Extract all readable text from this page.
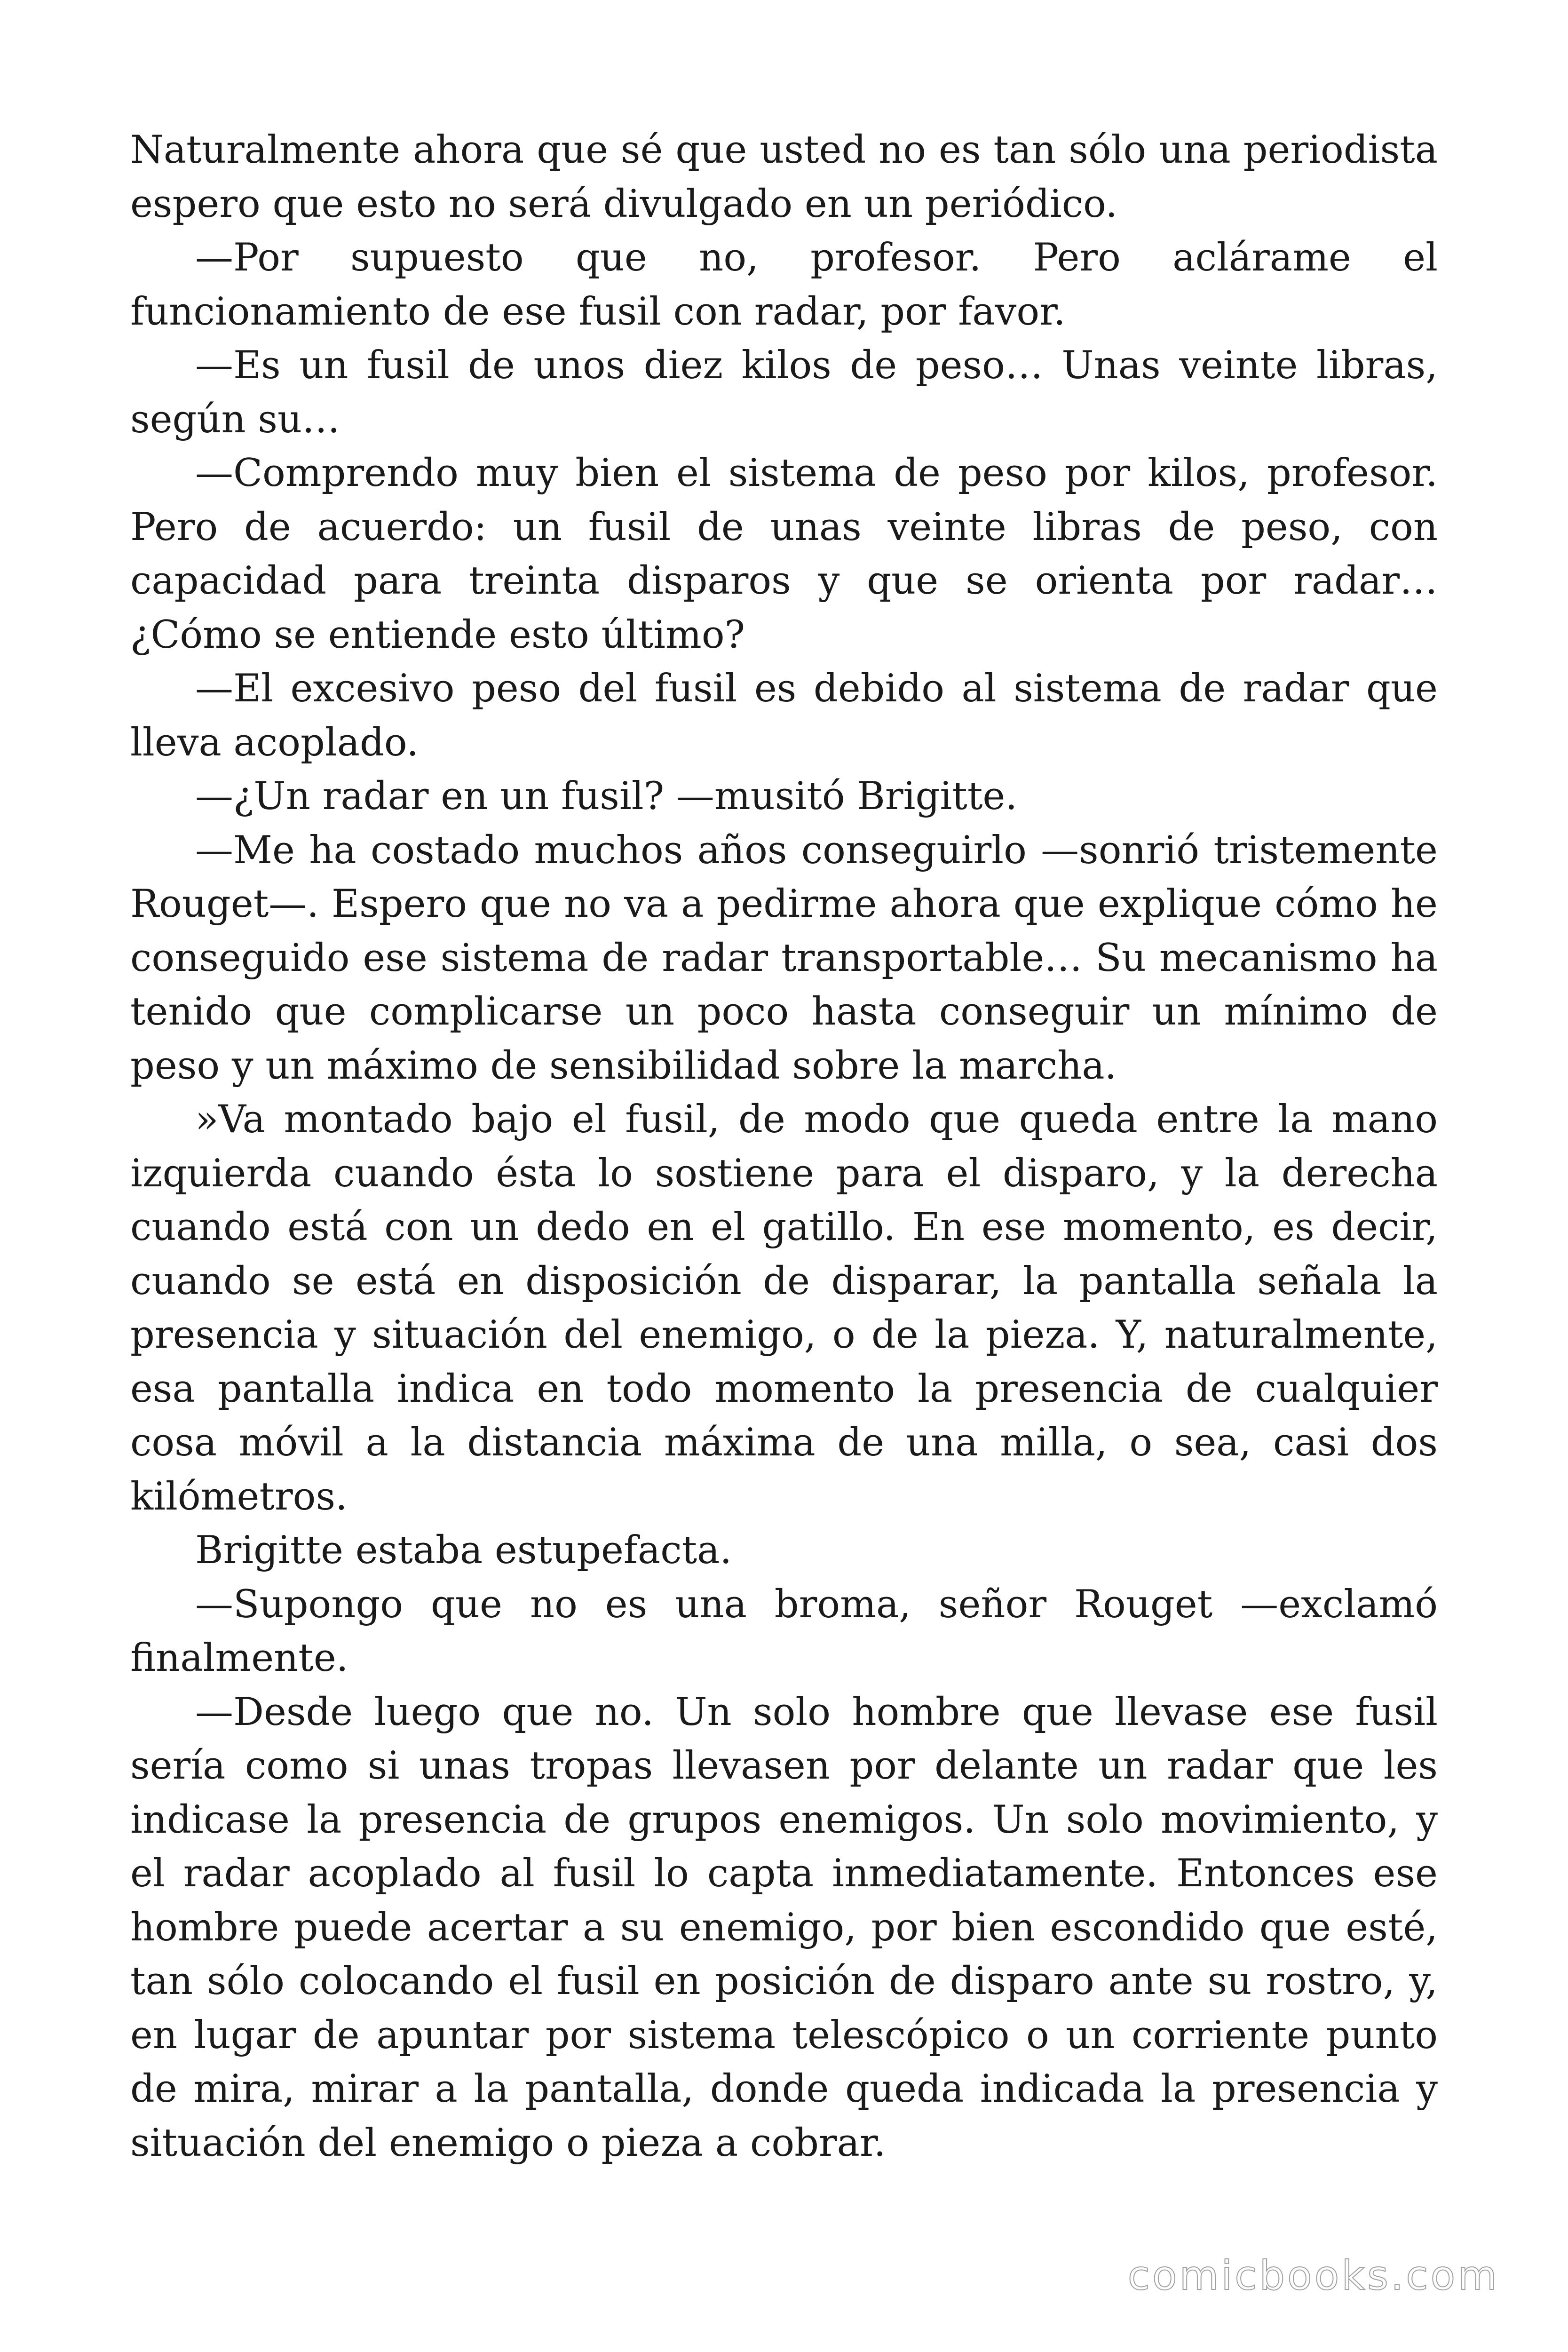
Naturalmente ahora que sé que usted no es tan sólo una periodista espero que esto no será divulgado en un periódico.

—Por supuesto que no, profesor. Pero aclárame el funcionamiento de ese fusil con radar, por favor.

—Es un fusil de unos diez kilos de peso… Unas veinte libras, según su…

—Comprendo muy bien el sistema de peso por kilos, profesor. Pero de acuerdo: un fusil de unas veinte libras de peso, con capacidad para treinta disparos y que se orienta por radar… ¿Cómo se entiende esto último?

—El excesivo peso del fusil es debido al sistema de radar que lleva acoplado.

—¿Un radar en un fusil? —musitó Brigitte.

—Me ha costado muchos años conseguirlo —sonrió tristemente Rouget—. Espero que no va a pedirme ahora que explique cómo he conseguido ese sistema de radar transportable… Su mecanismo ha tenido que complicarse un poco hasta conseguir un mínimo de peso y un máximo de sensibilidad sobre la marcha.

»Va montado bajo el fusil, de modo que queda entre la mano izquierda cuando ésta lo sostiene para el disparo, y la derecha cuando está con un dedo en el gatillo. En ese momento, es decir, cuando se está en disposición de disparar, la pantalla señala la presencia y situación del enemigo, o de la pieza. Y, naturalmente, esa pantalla indica en todo momento la presencia de cualquier cosa móvil a la distancia máxima de una milla, o sea, casi dos kilómetros.

Brigitte estaba estupefacta.

—Supongo que no es una broma, señor Rouget —exclamó finalmente.

—Desde luego que no. Un solo hombre que llevase ese fusil sería como si unas tropas llevasen por delante un radar que les indicase la presencia de grupos enemigos. Un solo movimiento, y el radar acoplado al fusil lo capta inmediatamente. Entonces ese hombre puede acertar a su enemigo, por bien escondido que esté, tan sólo colocando el fusil en posición de disparo ante su rostro, y, en lugar de apuntar por sistema telescópico o un corriente punto de mira, mirar a la pantalla, donde queda indicada la presencia y situación del enemigo o pieza a cobrar.

comicbooks.com
